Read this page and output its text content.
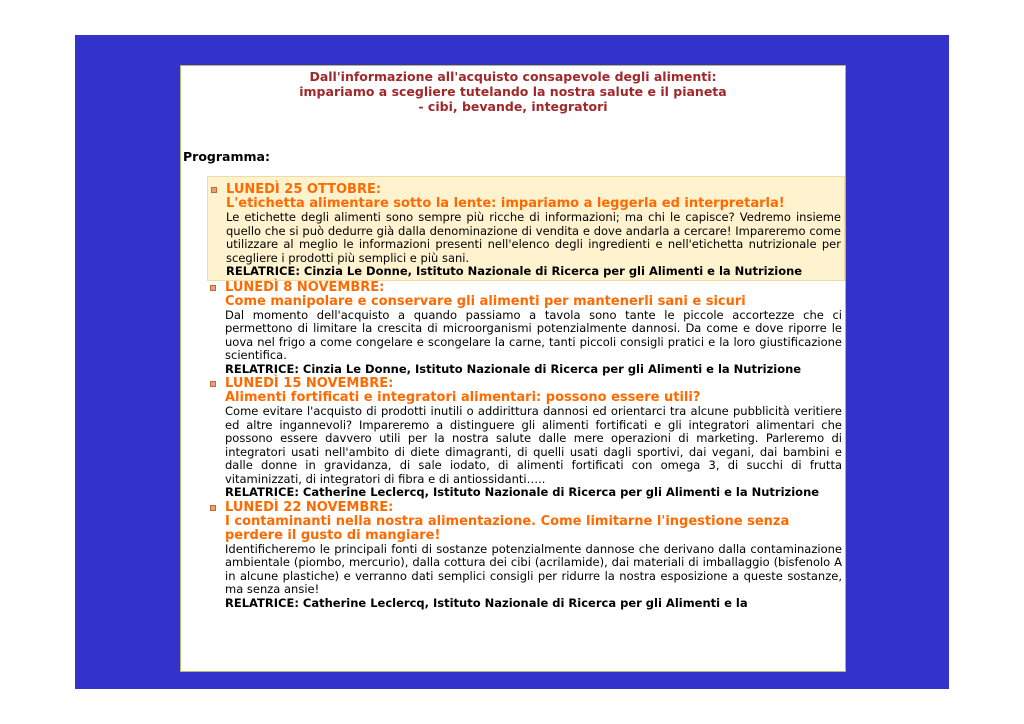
Dall'informazione all'acquisto consapevole degli alimenti:
impariamo a scegliere tutelando la nostra salute e il pianeta
- cibi, bevande, integratori
Programma:
LUNEDÌ 25 OTTOBRE:
L'etichetta alimentare sotto la lente: impariamo a leggerla ed interpretarla!
Le etichette degli alimenti sono sempre più ricche di informazioni; ma chi le capisce? Vedremo insieme quello che si può dedurre già dalla denominazione di vendita e dove andarla a cercare! Impareremo come utilizzare al meglio le informazioni presenti nell'elenco degli ingredienti e nell'etichetta nutrizionale per scegliere i prodotti più semplici e più sani.
RELATRICE: Cinzia Le Donne, Istituto Nazionale di Ricerca per gli Alimenti e la Nutrizione
LUNEDÌ 8 NOVEMBRE:
Come manipolare e conservare gli alimenti per mantenerli sani e sicuri
Dal momento dell'acquisto a quando passiamo a tavola sono tante le piccole accortezze che ci permettono di limitare la crescita di microorganismi potenzialmente dannosi. Da come e dove riporre le uova nel frigo a come congelare e scongelare la carne, tanti piccoli consigli pratici e la loro giustificazione scientifica.
RELATRICE: Cinzia Le Donne, Istituto Nazionale di Ricerca per gli Alimenti e la Nutrizione
LUNEDÌ 15 NOVEMBRE:
Alimenti fortificati e integratori alimentari: possono essere utili?
Come evitare l'acquisto di prodotti inutili o addirittura dannosi ed orientarci tra alcune pubblicità veritiere ed altre ingannevoli? Impareremo a distinguere gli alimenti fortificati e gli integratori alimentari che possono essere davvero utili per la nostra salute dalle mere operazioni di marketing. Parleremo di integratori usati nell'ambito di diete dimagranti, di quelli usati dagli sportivi, dai vegani, dai bambini e dalle donne in gravidanza, di sale iodato, di alimenti fortificati con omega 3, di succhi di frutta vitaminizzati, di integratori di fibra e di antiossidanti…..
RELATRICE: Catherine Leclercq, Istituto Nazionale di Ricerca per gli Alimenti e la Nutrizione
LUNEDÌ 22 NOVEMBRE:
I contaminanti nella nostra alimentazione. Come limitarne l'ingestione senza perdere il gusto di mangiare!
Identificheremo le principali fonti di sostanze potenzialmente dannose che derivano dalla contaminazione ambientale (piombo, mercurio), dalla cottura dei cibi (acrilamide), dai materiali di imballaggio (bisfenolo A in alcune plastiche) e verranno dati semplici consigli per ridurre la nostra esposizione a queste sostanze, ma senza ansie!
RELATRICE: Catherine Leclercq, Istituto Nazionale di Ricerca per gli Alimenti e la
